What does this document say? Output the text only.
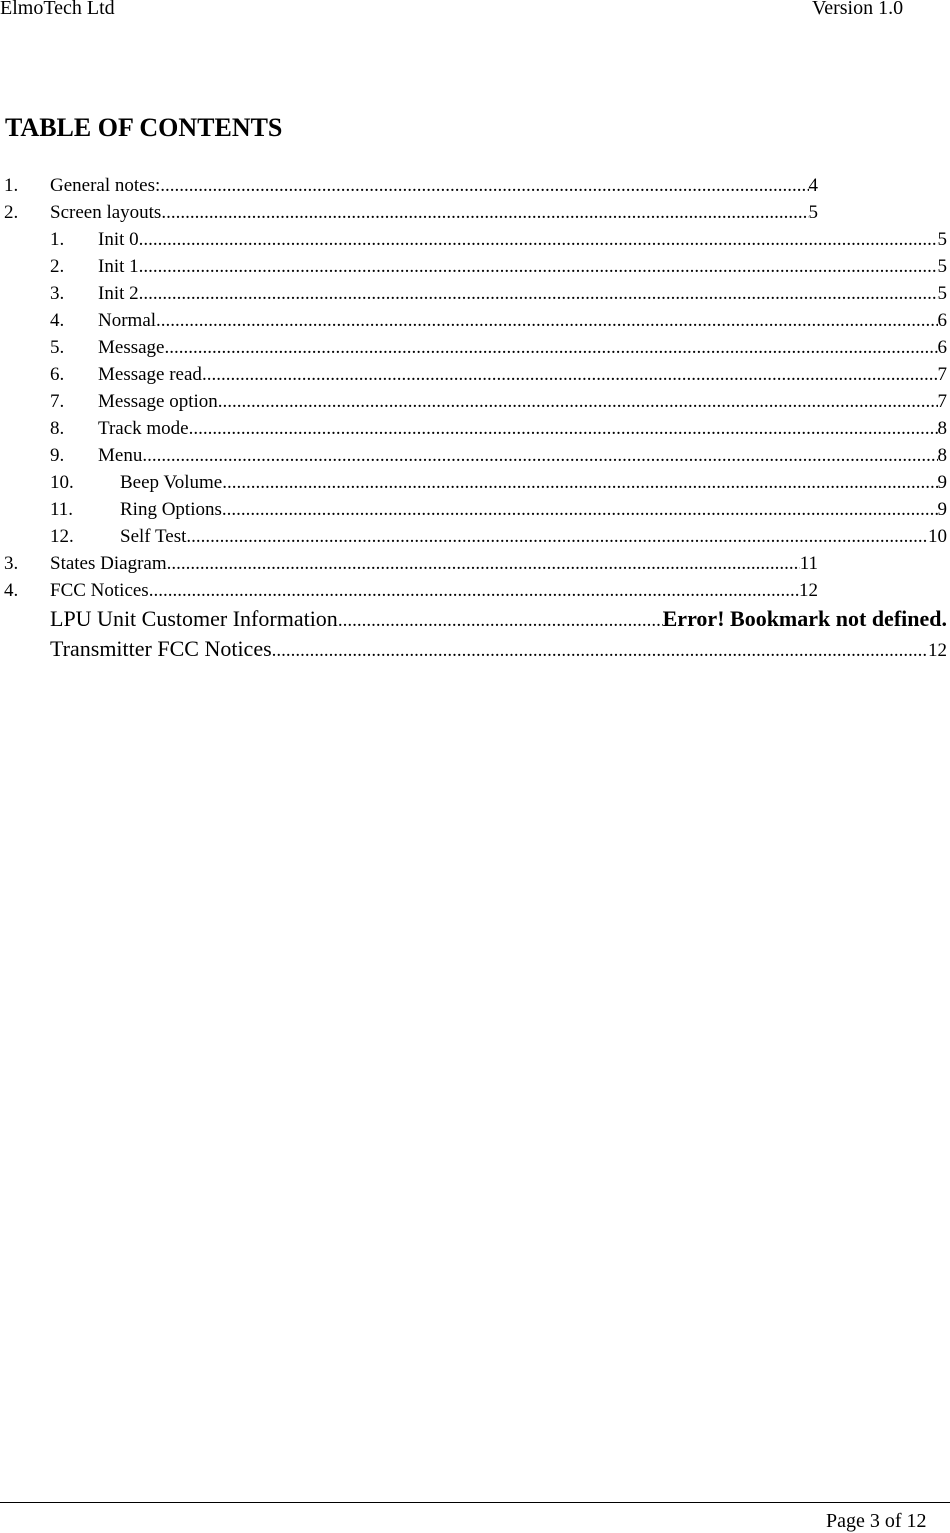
ElmoTech Ltd	Version 1.0
TABLE OF CONTENTS
1. General notes: .....	4
2. Screen layouts .....	5
1. Init 0 .....	5
2. Init 1 .....	5
3. Init 2 .....	5
4. Normal .....	6
5. Message .....	6
6. Message read .....	7
7. Message option .....	7
8. Track mode .....	8
9. Menu .....	8
10. Beep Volume .....	9
11. Ring Options .....	9
12. Self Test .....	10
3. States Diagram .....	11
4. FCC Notices .....	12
LPU Unit Customer Information .....	Error! Bookmark not defined.
Transmitter FCC Notices .....	12
Page 3 of 12
